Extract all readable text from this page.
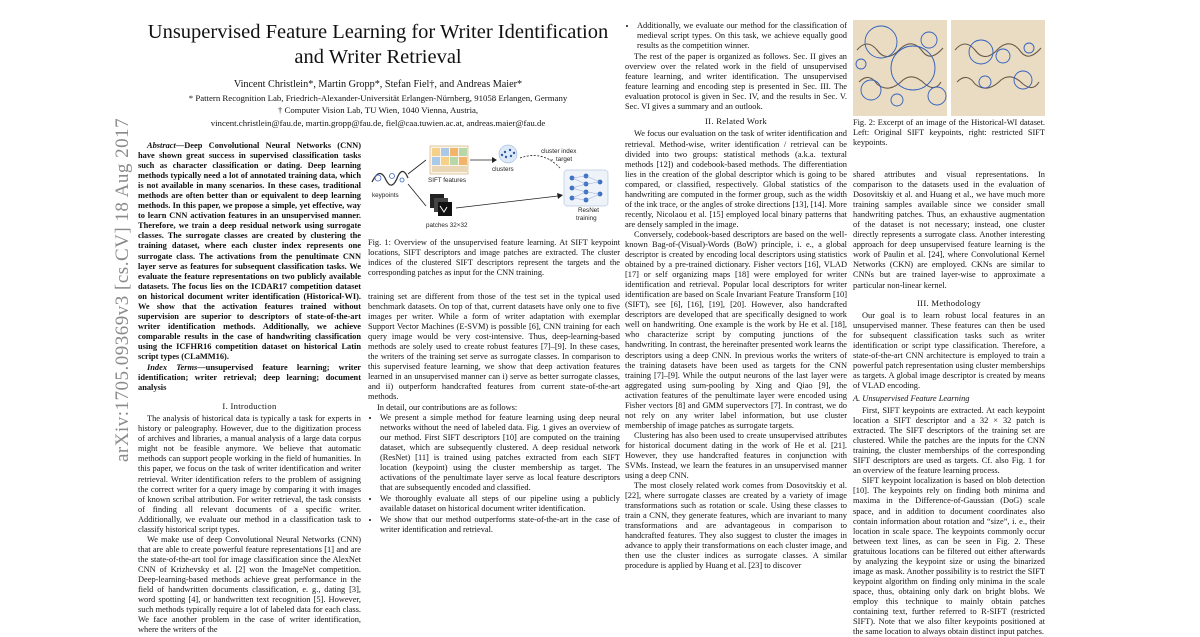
arXiv:1705.09369v3 [cs.CV] 18 Aug 2017
Unsupervised Feature Learning for Writer Identification and Writer Retrieval
Vincent Christlein*, Martin Gropp*, Stefan Fiel†, and Andreas Maier*
* Pattern Recognition Lab, Friedrich-Alexander-Universität Erlangen-Nürnberg, 91058 Erlangen, Germany
† Computer Vision Lab, TU Wien, 1040 Vienna, Austria,
vincent.christlein@fau.de, martin.gropp@fau.de, fiel@caa.tuwien.ac.at, andreas.maier@fau.de

Abstract—Deep Convolutional Neural Networks (CNN) have shown great success in supervised classification tasks such as character classification or dating. Deep learning methods typically need a lot of annotated training data, which is not available in many scenarios. In these cases, traditional methods are often better than or equivalent to deep learning methods. In this paper, we propose a simple, yet effective, way to learn CNN activation features in an unsupervised manner. Therefore, we train a deep residual network using surrogate classes. The surrogate classes are created by clustering the training dataset, where each cluster index represents one surrogate class. The activations from the penultimate CNN layer serve as features for subsequent classification tasks. We evaluate the feature representations on two publicly available datasets. The focus lies on the ICDAR17 competition dataset on historical document writer identification (Historical-WI). We show that the activation features trained without supervision are superior to descriptors of state-of-the-art writer identification methods. Additionally, we achieve comparable results in the case of handwriting classification using the ICFHR16 competition dataset on historical Latin script types (CLaMM16).

Index Terms—unsupervised feature learning; writer identification; writer retrieval; deep learning; document analysis

I. Introduction

The analysis of historical data is typically a task for experts in history or paleography. However, due to the digitization process of archives and libraries, a manual analysis of a large data corpus might not be feasible anymore. We believe that automatic methods can support people working in the field of humanities. In this paper, we focus on the task of writer identification and writer retrieval. Writer identification refers to the problem of assigning the correct writer for a query image by comparing it with images of known scribal attribution. For writer retrieval, the task consists of finding all relevant documents of a specific writer. Additionally, we evaluate our method in a classification task to classify historical script types.

We make use of deep Convolutional Neural Networks (CNN) that are able to create powerful feature representations [1] and are the state-of-the-art tool for image classification since the AlexNet CNN of Krizhevsky et al. [2] won the ImageNet competition. Deep-learning-based methods achieve great performance in the field of handwritten documents classification, e. g., dating [3], word spotting [4], or handwritten text recognition [5]. However, such methods typically require a lot of labeled data for each class. We face another problem in the case of writer identification, where the writers of the

keypoints
SIFT features
clusters
cluster index
→ target
patches 32×32
ResNet
training

Fig. 1: Overview of the unsupervised feature learning. At SIFT keypoint locations, SIFT descriptors and image patches are extracted. The cluster indices of the clustered SIFT descriptors represent the targets and the corresponding patches as input for the CNN training.

training set are different from those of the test set in the typical used benchmark datasets. On top of that, current datasets have only one to five images per writer. While a form of writer adaptation with exemplar Support Vector Machines (E-SVM) is possible [6], CNN training for each query image would be very cost-intensive. Thus, deep-learning-based methods are solely used to create robust features [7]–[9]. In these cases, the writers of the training set serve as surrogate classes. In comparison to this supervised feature learning, we show that deep activation features learned in an unsupervised manner can i) serve as better surrogate classes, and ii) outperform handcrafted features from current state-of-the-art methods.

In detail, our contributions are as follows:

• We present a simple method for feature learning using deep neural networks without the need of labeled data. Fig. 1 gives an overview of our method. First SIFT descriptors [10] are computed on the training dataset, which are subsequently clustered. A deep residual network (ResNet) [11] is trained using patches extracted from each SIFT location (keypoint) using the cluster membership as target. The activations of the penultimate layer serve as local feature descriptors that are subsequently encoded and classified.
• We thoroughly evaluate all steps of our pipeline using a publicly available dataset on historical document writer identification.
• We show that our method outperforms state-of-the-art in the case of writer identification and retrieval.
• Additionally, we evaluate our method for the classification of medieval script types. On this task, we achieve equally good results as the competition winner.

The rest of the paper is organized as follows. Sec. II gives an overview over the related work in the field of unsupervised feature learning, and writer identification. The unsupervised feature learning and encoding step is presented in Sec. III. The evaluation protocol is given in Sec. IV, and the results in Sec. V. Sec. VI gives a summary and an outlook.

II. Related Work

We focus our evaluation on the task of writer identification and retrieval. Method-wise, writer identification / retrieval can be divided into two groups: statistical methods (a.k.a. textural methods [12]) and codebook-based methods. The differentiation lies in the creation of the global descriptor which is going to be compared, or classified, respectively. Global statistics of the handwriting are computed in the former group, such as the width of the ink trace, or the angles of stroke directions [13], [14]. More recently, Nicolaou et al. [15] employed local binary patterns that are densely sampled in the image.

Conversely, codebook-based descriptors are based on the well-known Bag-of-(Visual)-Words (BoW) principle, i. e., a global descriptor is created by encoding local descriptors using statistics obtained by a pre-trained dictionary. Fisher vectors [16], VLAD [17] or self organizing maps [18] were employed for writer identification and retrieval. Popular local descriptors for writer identification are based on Scale Invariant Feature Transform [10] (SIFT), see [6], [16], [19], [20]. However, also handcrafted descriptors are developed that are specifically designed to work well on handwriting. One example is the work by He et al. [18], who characterize script by computing junctions of the handwriting. In contrast, the hereinafter presented work learns the descriptors using a deep CNN. In previous works the writers of the training datasets have been used as targets for the CNN training [7]–[9]. While the output neurons of the last layer were aggregated using sum-pooling by Xing and Qiao [9], the activation features of the penultimate layer were encoded using Fisher vectors [8] and GMM supervectors [7]. In contrast, we do not rely on any writer label information, but use cluster membership of image patches as surrogate targets.

Clustering has also been used to create unsupervised attributes for historical document dating in the work of He et al. [21]. However, they use handcrafted features in conjunction with SVMs. Instead, we learn the features in an unsupervised manner using a deep CNN.

The most closely related work comes from Dosovitskiy et al. [22], where surrogate classes are created by a variety of image transformations such as rotation or scale. Using these classes to train a CNN, they generate features, which are invariant to many transformations and are advantageous in comparison to handcrafted features. They also suggest to cluster the images in advance to apply their transformations on each cluster image, and then use the cluster indices as surrogate classes. A similar procedure is applied by Huang et al. [23] to discover

Fig. 2: Excerpt of an image of the Historical-WI dataset. Left: Original SIFT keypoints, right: restricted SIFT keypoints.

shared attributes and visual representations. In comparison to the datasets used in the evaluation of Dosovitskiy et al. and Huang et al., we have much more training samples available since we consider small handwriting patches. Thus, an exhaustive augmentation of the dataset is not necessary; instead, one cluster directly represents a surrogate class. Another interesting approach for deep unsupervised feature learning is the work of Paulin et al. [24], where Convolutional Kernel Networks (CKN) are employed. CKNs are similar to CNNs but are trained layer-wise to approximate a particular non-linear kernel.

III. Methodology

Our goal is to learn robust local features in an unsupervised manner. These features can then be used for subsequent classification tasks such as writer identification or script type classification. Therefore, a state-of-the-art CNN architecture is employed to train a powerful patch representation using cluster memberships as targets. A global image descriptor is created by means of VLAD encoding.

A. Unsupervised Feature Learning

First, SIFT keypoints are extracted. At each keypoint location a SIFT descriptor and a 32 × 32 patch is extracted. The SIFT descriptors of the training set are clustered. While the patches are the inputs for the CNN training, the cluster memberships of the corresponding SIFT descriptors are used as targets. Cf. also Fig. 1 for an overview of the feature learning process.

SIFT keypoint localization is based on blob detection [10]. The keypoints rely on finding both minima and maxima in the Difference-of-Gaussian (DoG) scale space, and in addition to document coordinates also contain information about rotation and “size”, i. e., their location in scale space. The keypoints commonly occur between text lines, as can be seen in Fig. 2. These gratuitous locations can be filtered out either afterwards by analyzing the keypoint size or using the binarized image as mask. Another possibility is to restrict the SIFT keypoint algorithm on finding only minima in the scale space, thus, obtaining only dark on bright blobs. We employ this technique to mainly obtain patches containing text, further referred to R-SIFT (restricted SIFT). Note that we also filter keypoints positioned at the same location to always obtain distinct input patches.
